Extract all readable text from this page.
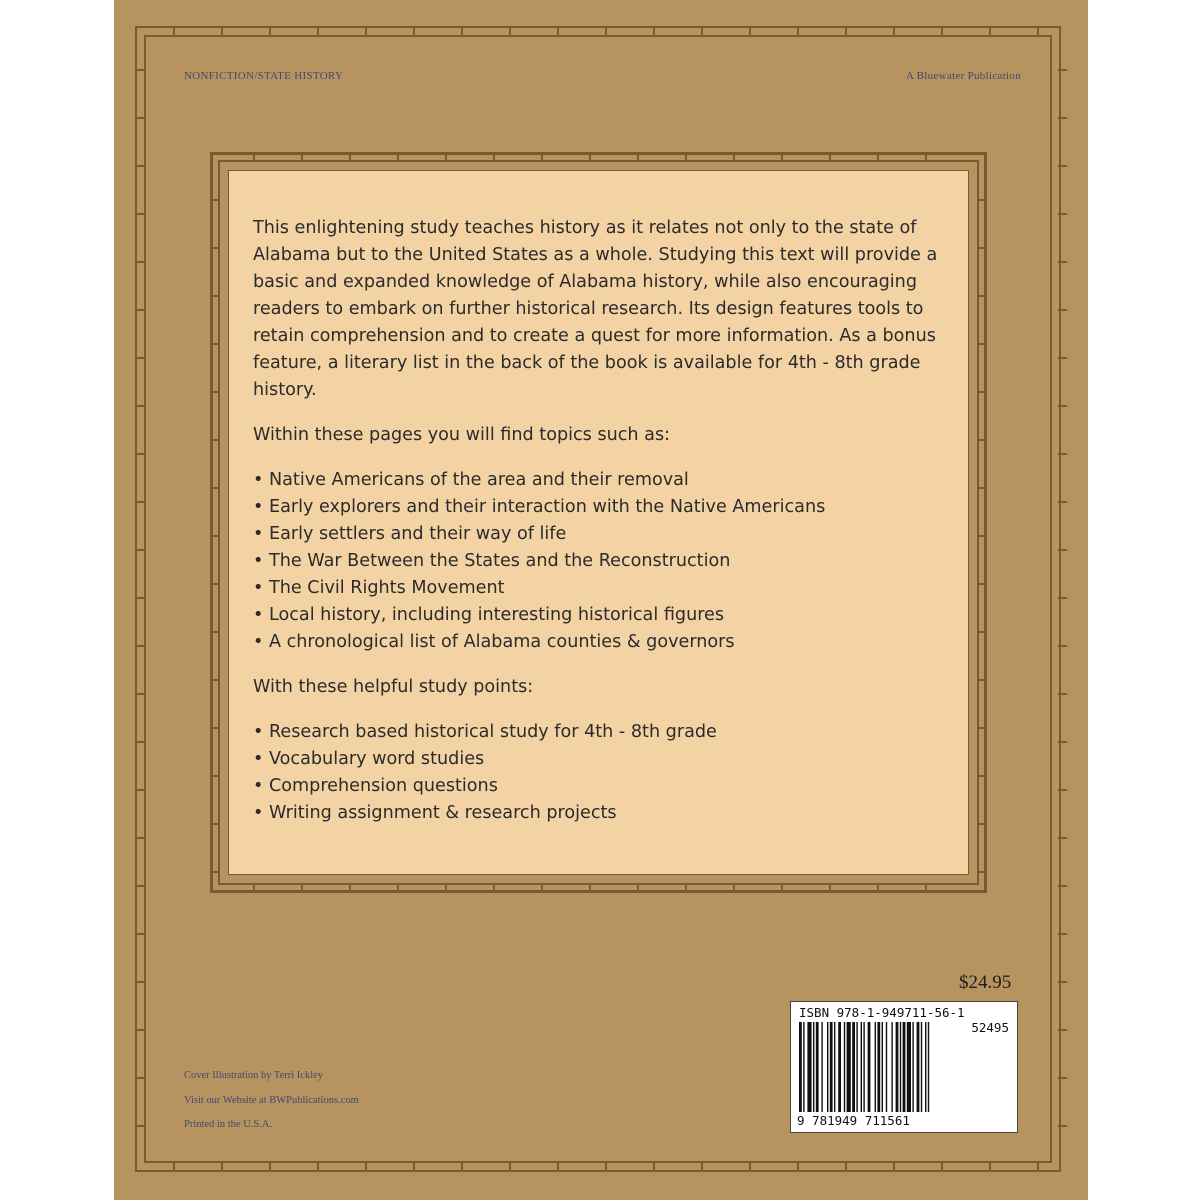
NONFICTION/STATE HISTORY	A Bluewater Publication

This enlightening study teaches history as it relates not only to the state of Alabama but to the United States as a whole. Studying this text will provide a basic and expanded knowledge of Alabama history, while also encouraging readers to embark on further historical research. Its design features tools to retain comprehension and to create a quest for more information. As a bonus feature, a literary list in the back of the book is available for 4th - 8th grade history.

Within these pages you will find topics such as:

• Native Americans of the area and their removal
• Early explorers and their interaction with the Native Americans
• Early settlers and their way of life
• The War Between the States and the Reconstruction
• The Civil Rights Movement
• Local history, including interesting historical figures
• A chronological list of Alabama counties & governors

With these helpful study points:

• Research based historical study for 4th - 8th grade
• Vocabulary word studies
• Comprehension questions
• Writing assignment & research projects
$24.95
ISBN 978-1-949711-56-1
52495
9 781949 711561
Cover Illustration by Terri Ickley
Visit our Website at BWPublications.com
Printed in the U.S.A.
